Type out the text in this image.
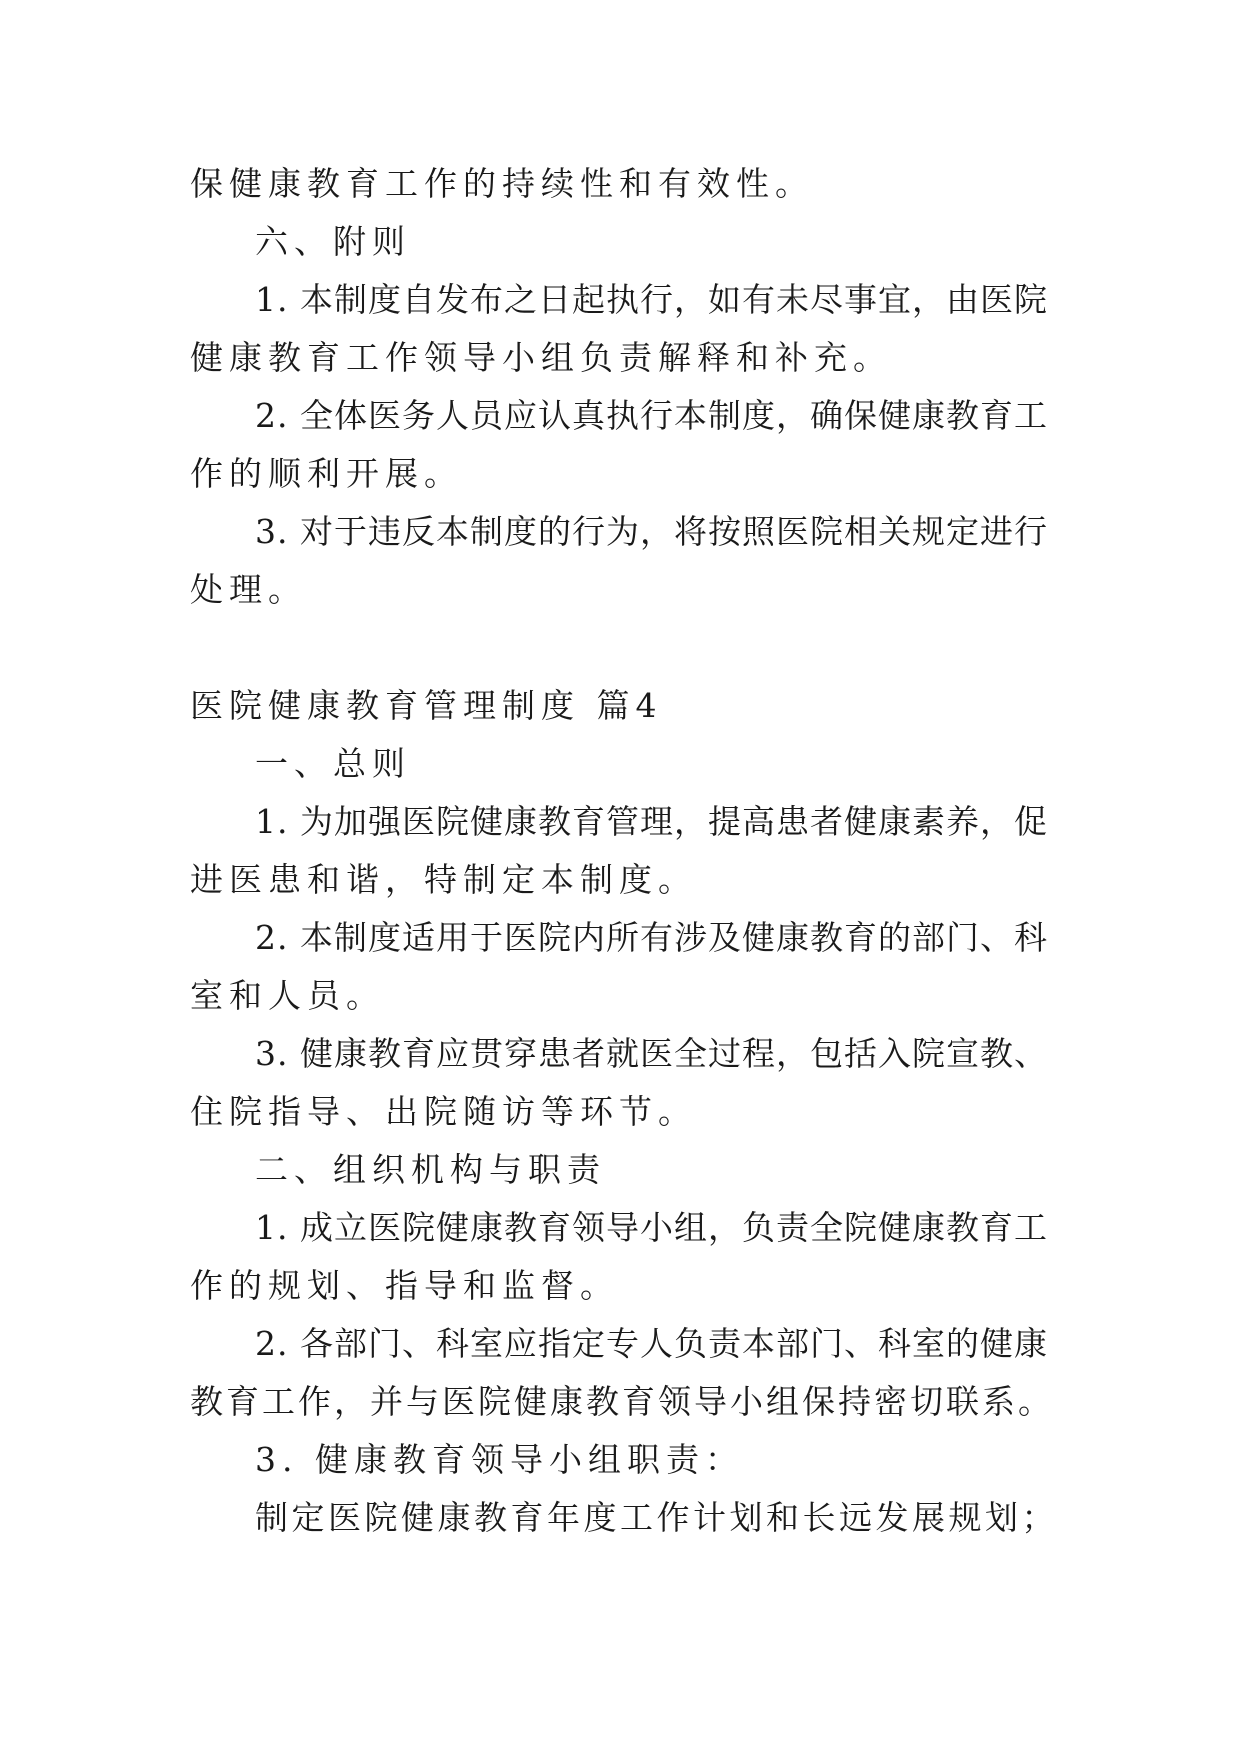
保健康教育工作的持续性和有效性。
六、附则
1. 本制度自发布之日起执行，如有未尽事宜，由医院
健康教育工作领导小组负责解释和补充。
2. 全体医务人员应认真执行本制度，确保健康教育工
作的顺利开展。
3. 对于违反本制度的行为，将按照医院相关规定进行
处理。
医院健康教育管理制度 篇4
一、总则
1. 为加强医院健康教育管理，提高患者健康素养，促
进医患和谐，特制定本制度。
2. 本制度适用于医院内所有涉及健康教育的部门、科
室和人员。
3. 健康教育应贯穿患者就医全过程，包括入院宣教、
住院指导、出院随访等环节。
二、组织机构与职责
1. 成立医院健康教育领导小组，负责全院健康教育工
作的规划、指导和监督。
2. 各部门、科室应指定专人负责本部门、科室的健康
教育工作，并与医院健康教育领导小组保持密切联系。
3. 健康教育领导小组职责：
制定医院健康教育年度工作计划和长远发展规划；
